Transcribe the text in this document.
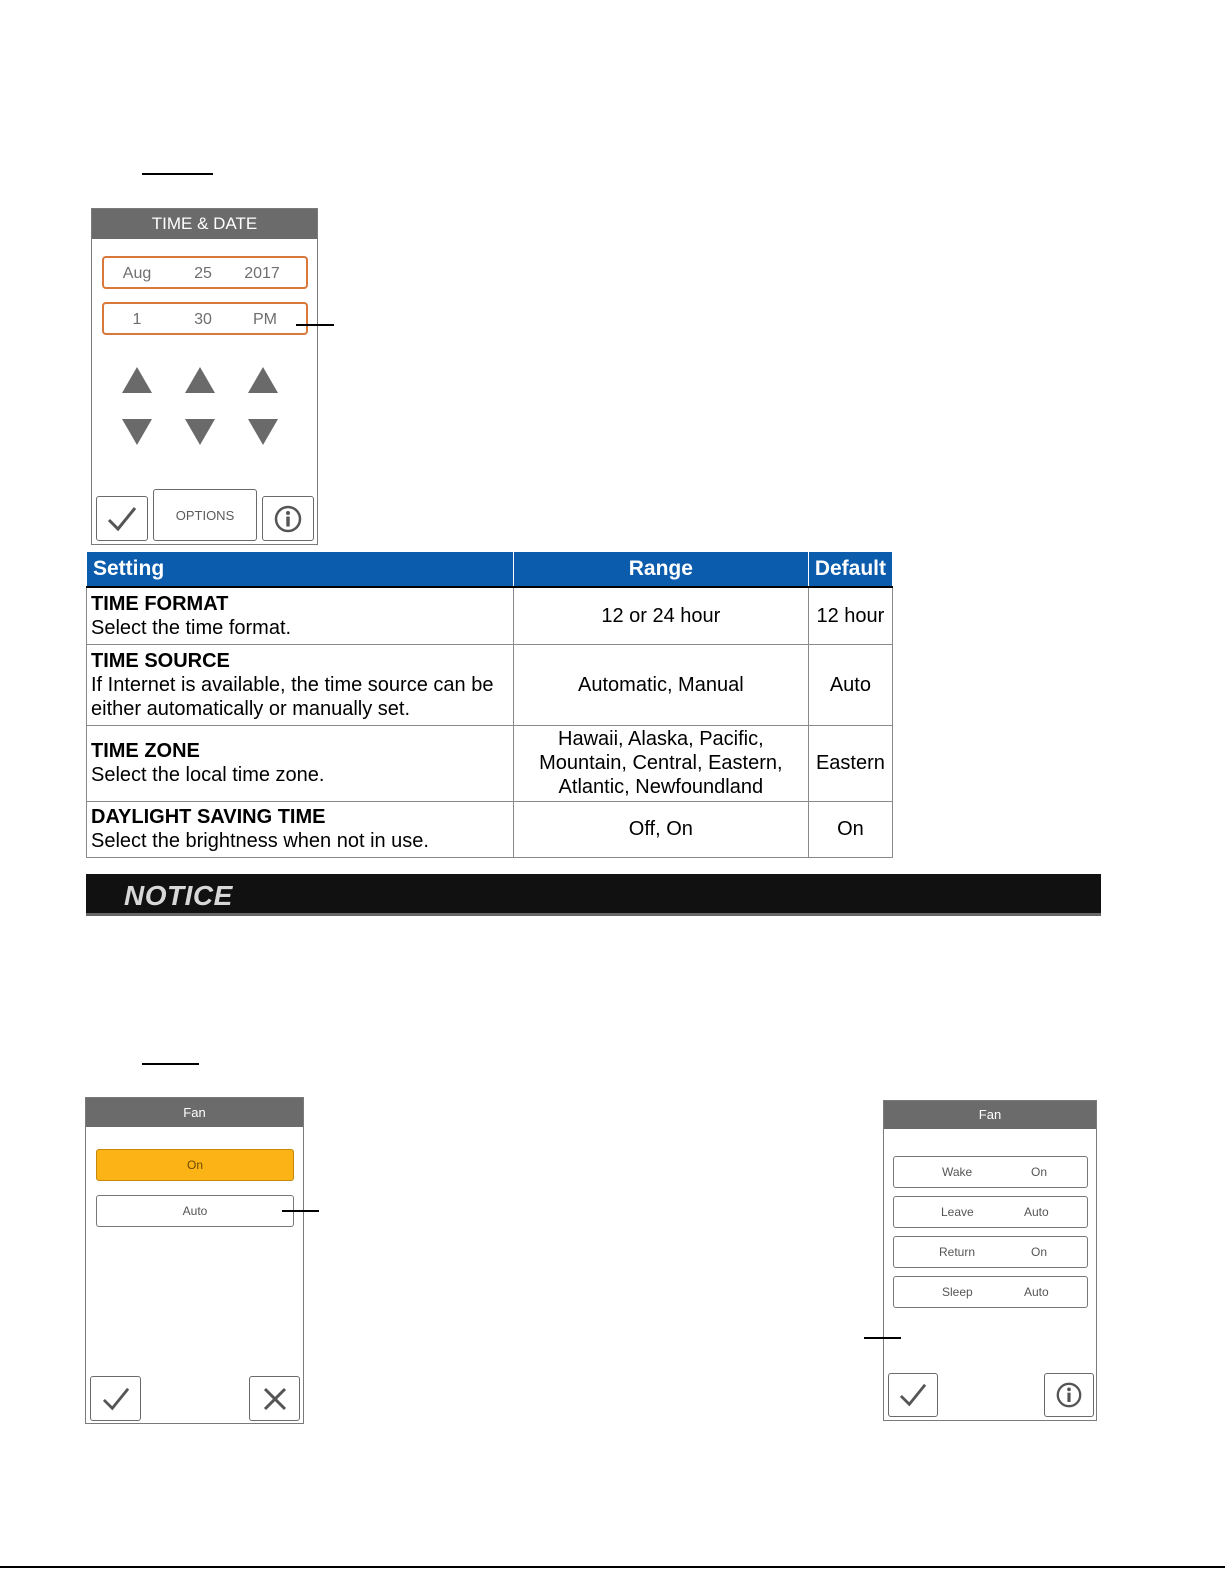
TIME & DATE
Aug	25 2017
1	30	PM
OPTIONS
Setting	Range	Default

TIME FORMAT
Select the time format.	12 or 24 hour	12 hour

TIME SOURCE
If Internet is available, the time source can be either automatically or manually set.	Automatic, Manual	Auto

TIME ZONE
Select the local time zone.	Hawaii, Alaska, Pacific, Mountain, Central, Eastern, Atlantic, Newfoundland	Eastern

DAYLIGHT SAVING TIME
Select the brightness when not in use.	Off, On	On
NOTICE
Fan
On
Auto
Fan
Wake	On
Leave	Auto
Return	On
Sleep	Auto
